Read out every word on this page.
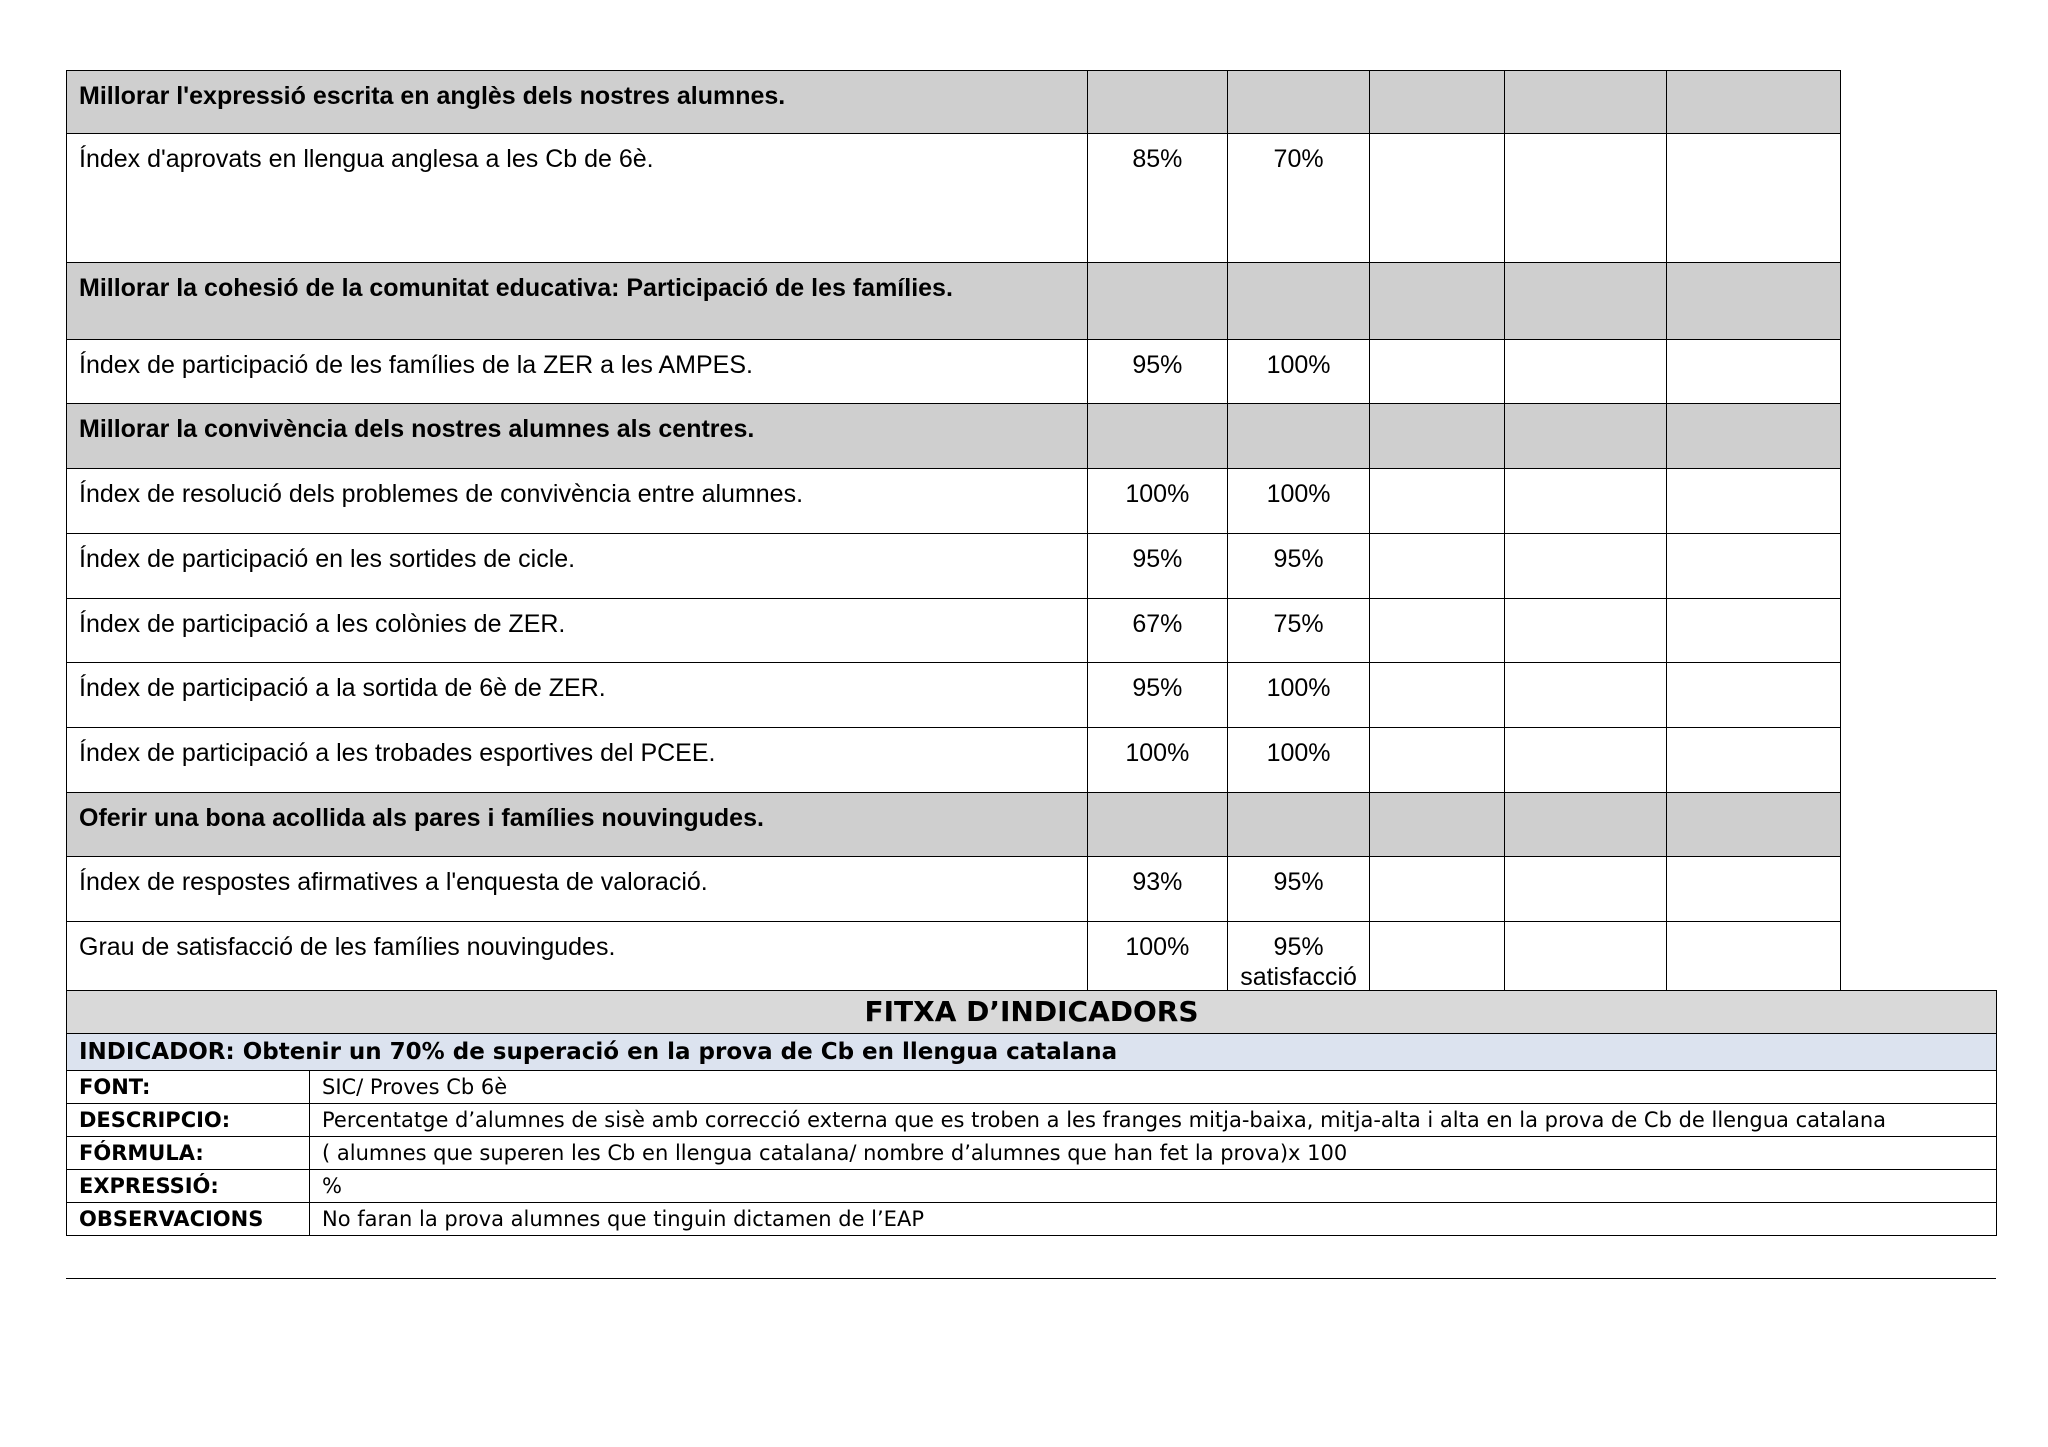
Millorar l'expressió escrita en anglès dels nostres alumnes.					
Índex d'aprovats en llengua anglesa a les Cb de 6è.	85%	70%			
Millorar la cohesió de la comunitat educativa: Participació de les famílies.					
Índex de participació de les famílies de la ZER a les AMPES.	95%	100%			
Millorar la convivència dels nostres alumnes als centres.					
Índex de resolució dels problemes de convivència entre alumnes.	100%	100%			
Índex de participació en les sortides de cicle.	95%	95%			
Índex de participació a les colònies de ZER.	67%	75%			
Índex de participació a la sortida de 6è de ZER.	95%	100%			
Índex de participació a les trobades esportives del PCEE.	100%	100%			
Oferir una bona acollida als pares i famílies nouvingudes.					
Índex de respostes afirmatives a l'enquesta de valoració.	93%	95%			
Grau de satisfacció de les famílies nouvingudes.	100%	95%
satisfacció			

FITXA D’INDICADORS	
INDICADOR: Obtenir un 70% de superació en la prova de Cb en llengua catalana	
FONT:	SIC/ Proves Cb 6è
DESCRIPCIO:	Percentatge d’alumnes de sisè amb correcció externa que es troben a les franges mitja-baixa, mitja-alta i alta en la prova de Cb de llengua catalana
FÓRMULA:	( alumnes que superen les Cb en llengua catalana/ nombre d’alumnes que han fet la prova)x 100
EXPRESSIÓ:	%
OBSERVACIONS	No faran la prova alumnes que tinguin dictamen de l’EAP
